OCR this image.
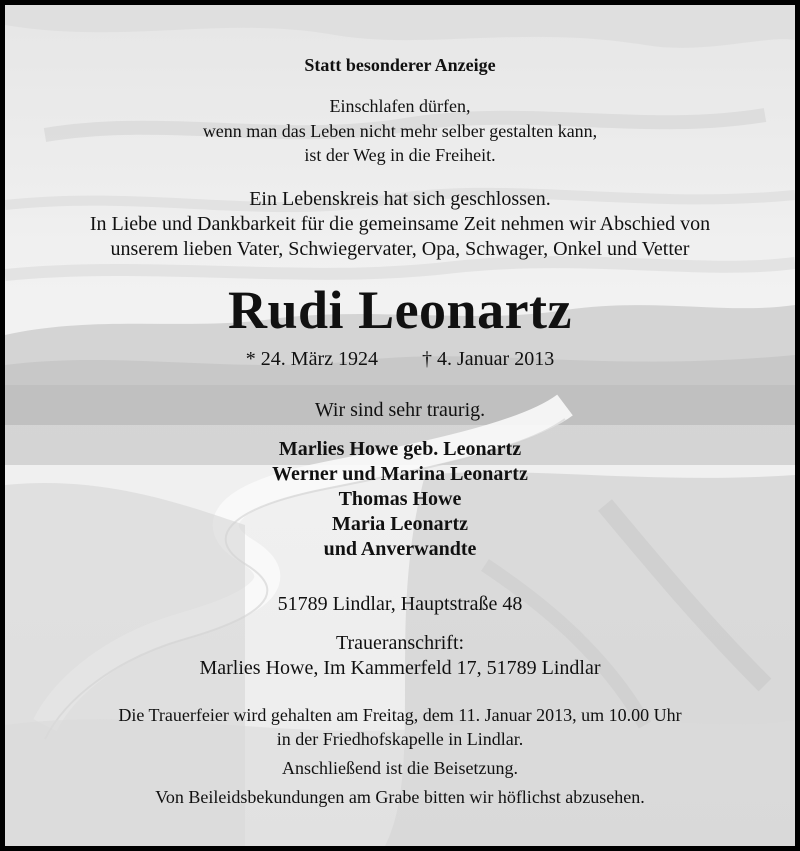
Statt besonderer Anzeige
Einschlafen dürfen,
wenn man das Leben nicht mehr selber gestalten kann,
ist der Weg in die Freiheit.
Ein Lebenskreis hat sich geschlossen.
In Liebe und Dankbarkeit für die gemeinsame Zeit nehmen wir Abschied von
unserem lieben Vater, Schwiegervater, Opa, Schwager, Onkel und Vetter
Rudi Leonartz
* 24. März 1924 † 4. Januar 2013
Wir sind sehr traurig.
Marlies Howe geb. Leonartz
Werner und Marina Leonartz
Thomas Howe
Maria Leonartz
und Anverwandte
51789 Lindlar, Hauptstraße 48
Traueranschrift:
Marlies Howe, Im Kammerfeld 17, 51789 Lindlar
Die Trauerfeier wird gehalten am Freitag, dem 11. Januar 2013, um 10.00 Uhr
in der Friedhofskapelle in Lindlar.
Anschließend ist die Beisetzung.
Von Beileidsbekundungen am Grabe bitten wir höflichst abzusehen.
